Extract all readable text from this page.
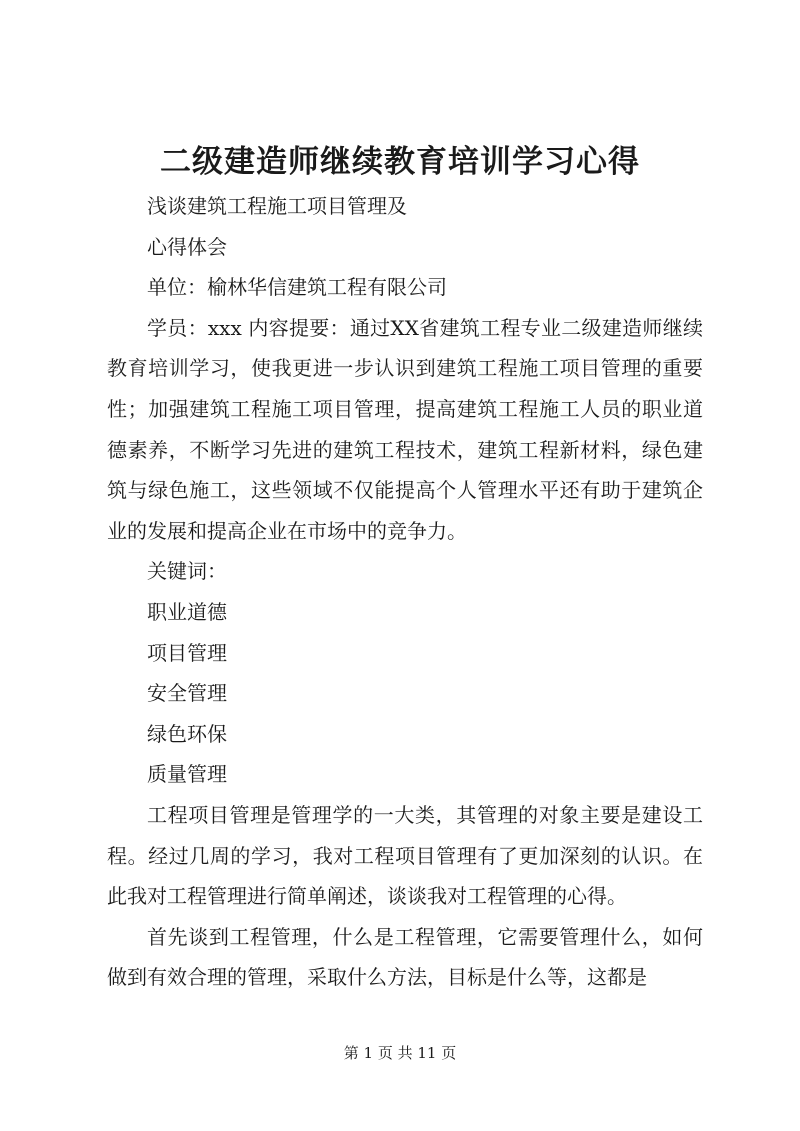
二级建造师继续教育培训学习心得

浅谈建筑工程施工项目管理及

心得体会

单位：榆林华信建筑工程有限公司

学员：xxx 内容提要：通过XX省建筑工程专业二级建造师继续教育培训学习，使我更进一步认识到建筑工程施工项目管理的重要性；加强建筑工程施工项目管理，提高建筑工程施工人员的职业道德素养，不断学习先进的建筑工程技术，建筑工程新材料，绿色建筑与绿色施工，这些领域不仅能提高个人管理水平还有助于建筑企业的发展和提高企业在市场中的竞争力。

关键词：

职业道德

项目管理

安全管理

绿色环保

质量管理

工程项目管理是管理学的一大类，其管理的对象主要是建设工程。经过几周的学习，我对工程项目管理有了更加深刻的认识。在此我对工程管理进行简单阐述，谈谈我对工程管理的心得。

首先谈到工程管理，什么是工程管理，它需要管理什么，如何做到有效合理的管理，采取什么方法，目标是什么等，这都是

第 1 页 共 11 页
